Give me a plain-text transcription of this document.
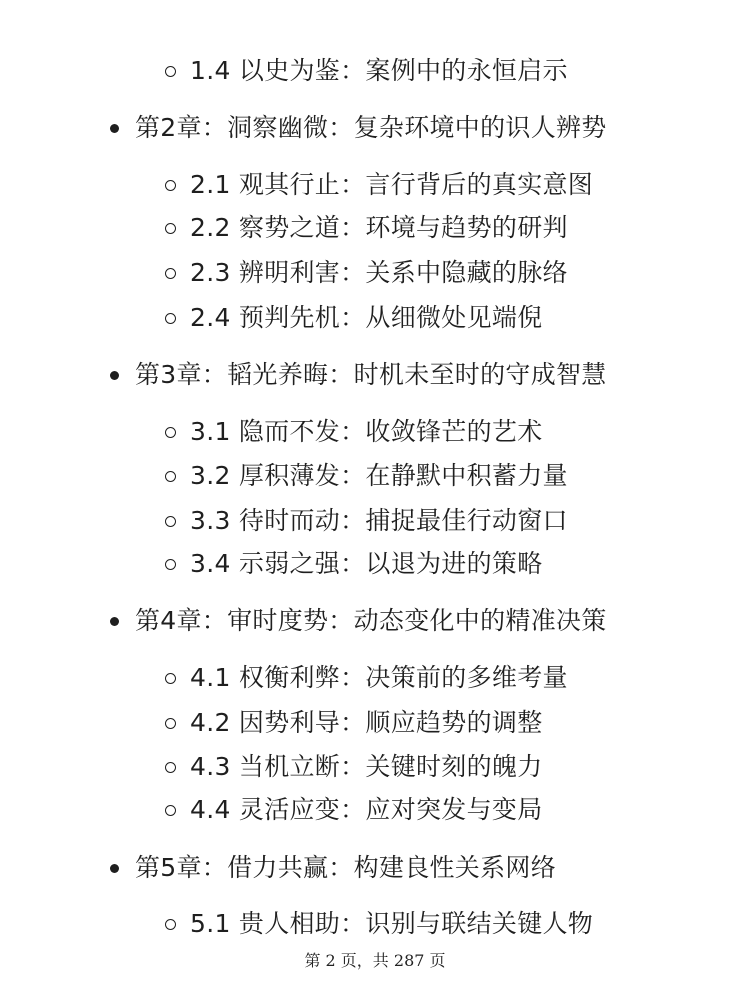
1.4 以史为鉴：案例中的永恒启示
第2章：洞察幽微：复杂环境中的识人辨势
2.1 观其行止：言行背后的真实意图
2.2 察势之道：环境与趋势的研判
2.3 辨明利害：关系中隐藏的脉络
2.4 预判先机：从细微处见端倪
第3章：韬光养晦：时机未至时的守成智慧
3.1 隐而不发：收敛锋芒的艺术
3.2 厚积薄发：在静默中积蓄力量
3.3 待时而动：捕捉最佳行动窗口
3.4 示弱之强：以退为进的策略
第4章：审时度势：动态变化中的精准决策
4.1 权衡利弊：决策前的多维考量
4.2 因势利导：顺应趋势的调整
4.3 当机立断：关键时刻的魄力
4.4 灵活应变：应对突发与变局
第5章：借力共赢：构建良性关系网络
5.1 贵人相助：识别与联结关键人物
第 2 页，共 287 页
